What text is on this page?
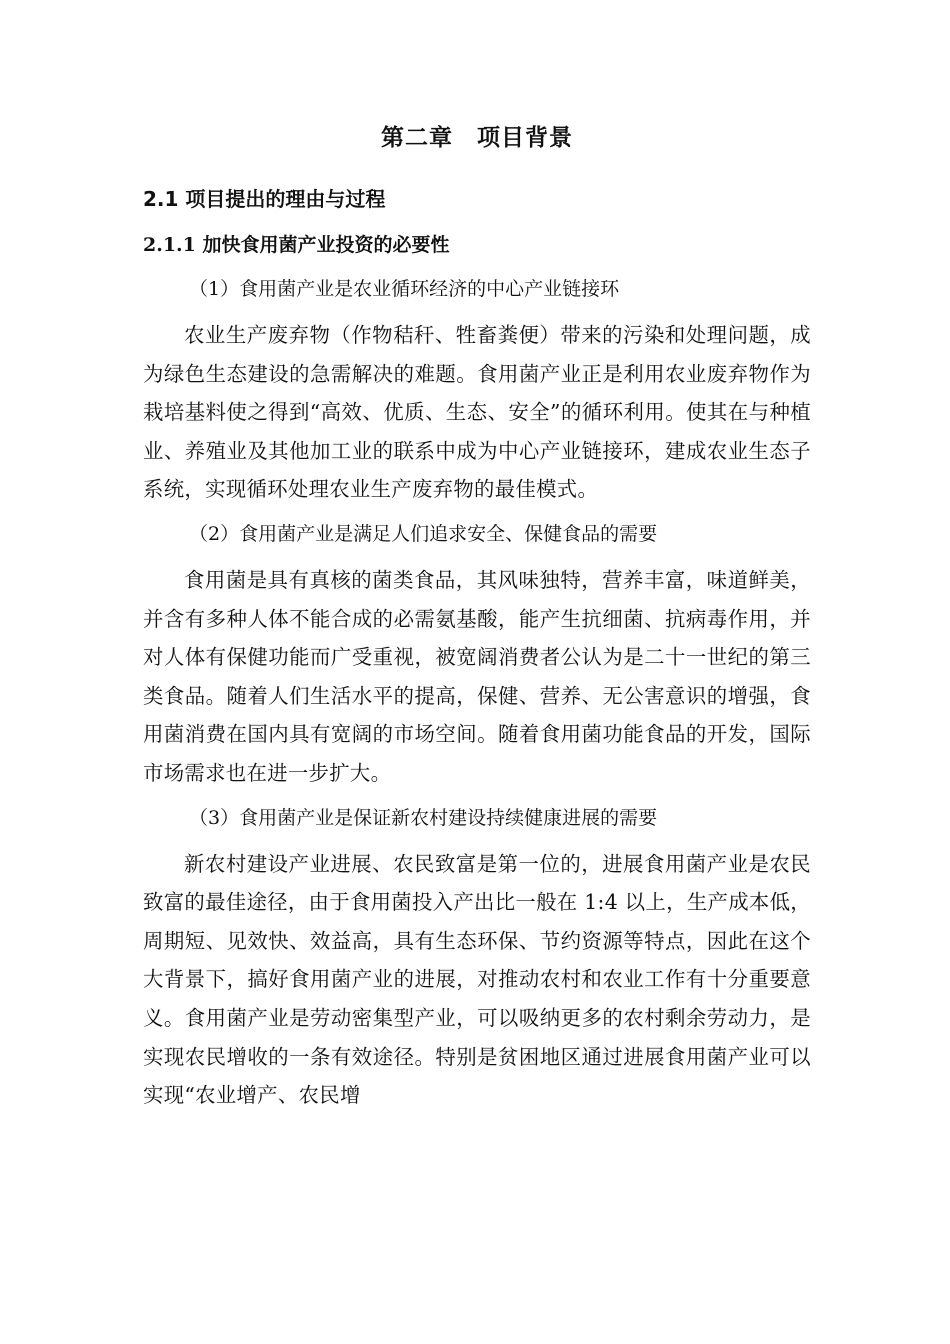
第二章　项目背景
2.1 项目提出的理由与过程
2.1.1 加快食用菌产业投资的必要性
（1）食用菌产业是农业循环经济的中心产业链接环

农业生产废弃物（作物秸秆、牲畜粪便）带来的污染和处理问题，成为绿色生态建设的急需解决的难题。食用菌产业正是利用农业废弃物作为栽培基料使之得到“高效、优质、生态、安全”的循环利用。使其在与种植业、养殖业及其他加工业的联系中成为中心产业链接环，建成农业生态子系统，实现循环处理农业生产废弃物的最佳模式。

（2）食用菌产业是满足人们追求安全、保健食品的需要

食用菌是具有真核的菌类食品，其风味独特，营养丰富，味道鲜美，并含有多种人体不能合成的必需氨基酸，能产生抗细菌、抗病毒作用，并对人体有保健功能而广受重视，被宽阔消费者公认为是二十一世纪的第三类食品。随着人们生活水平的提高，保健、营养、无公害意识的增强，食用菌消费在国内具有宽阔的市场空间。随着食用菌功能食品的开发，国际市场需求也在进一步扩大。

（3）食用菌产业是保证新农村建设持续健康进展的需要

新农村建设产业进展、农民致富是第一位的，进展食用菌产业是农民致富的最佳途径，由于食用菌投入产出比一般在 1:4 以上，生产成本低，周期短、见效快、效益高，具有生态环保、节约资源等特点，因此在这个大背景下，搞好食用菌产业的进展，对推动农村和农业工作有十分重要意义。食用菌产业是劳动密集型产业，可以吸纳更多的农村剩余劳动力，是实现农民增收的一条有效途径。特别是贫困地区通过进展食用菌产业可以实现“农业增产、农民增
